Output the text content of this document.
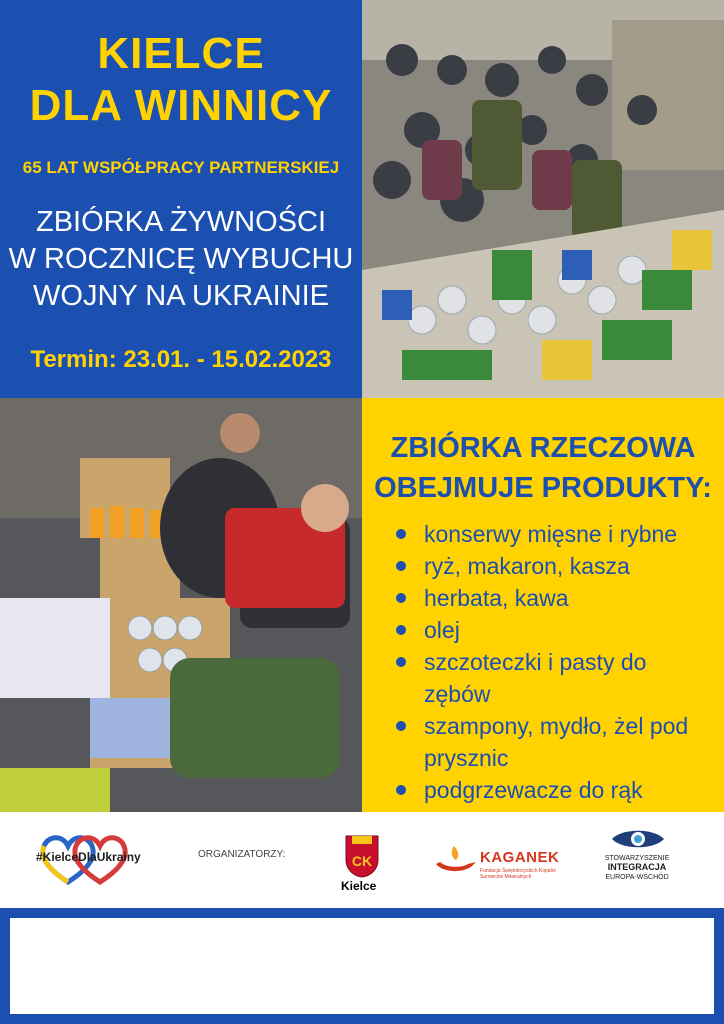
KIELCE
DLA WINNICY
65 LAT WSPÓŁPRACY PARTNERSKIEJ
ZBIÓRKA ŻYWNOŚCI
W ROCZNICĘ WYBUCHU
WOJNY NA UKRAINIE
Termin: 23.01. - 15.02.2023
ZBIÓRKA RZECZOWA
OBEJMUJE PRODUKTY:
konserwy mięsne i rybne
ryż, makaron, kasza
herbata, kawa
olej
szczoteczki i pasty do zębów
szampony, mydło, żel pod prysznic
podgrzewacze do rąk
#KielceDlaUkrainy	ORGANIZATORZY:	CK
Kielce
KAGANEK
Fundacja Świętokrzyskich Kopalni Surowców Mineralnych
STOWARZYSZENIE
INTEGRACJA
EUROPA-WSCHÓD
